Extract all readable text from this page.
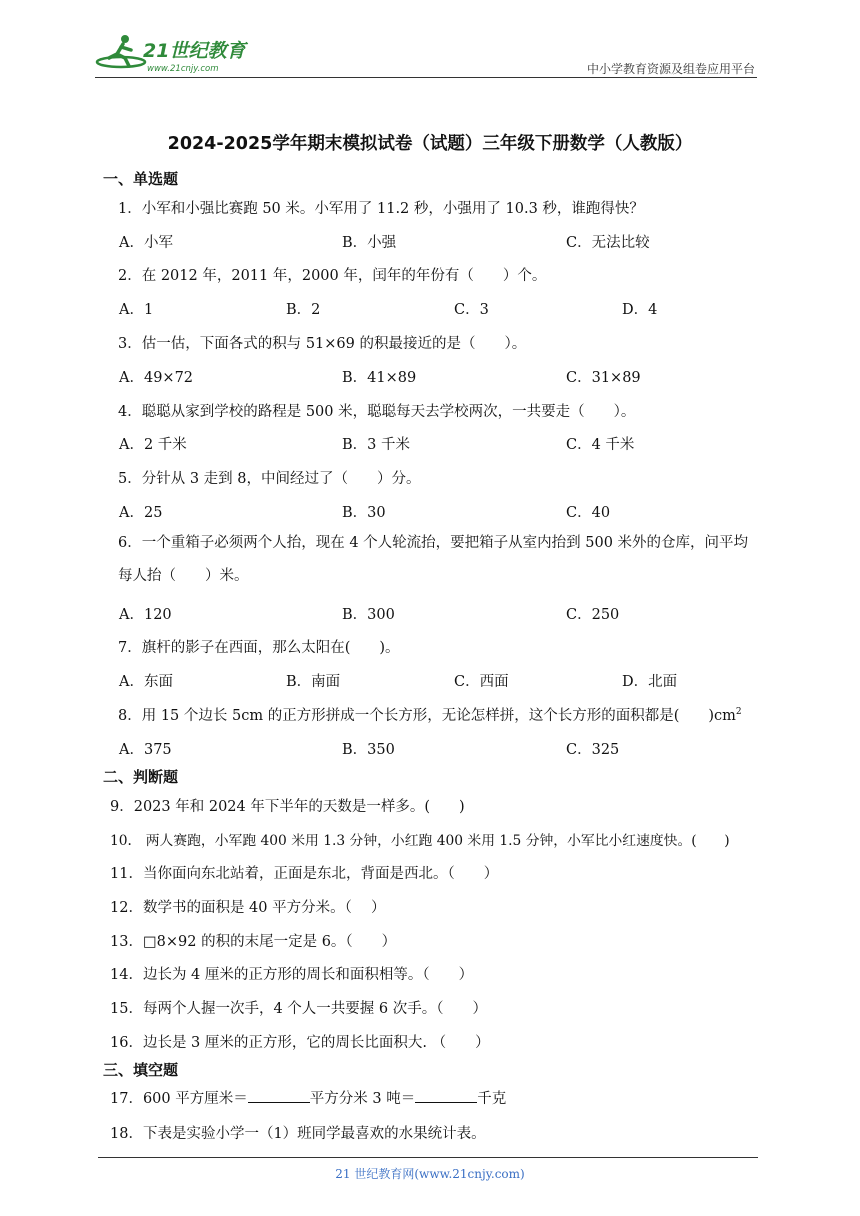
21世纪教育
www.21cnjy.com	中小学教育资源及组卷应用平台
2024-2025学年期末模拟试卷（试题）三年级下册数学（人教版）
一、单选题
1．小军和小强比赛跑 50 米。小军用了 11.2 秒，小强用了 10.3 秒，谁跑得快？
A．小军	B．小强	C．无法比较
2．在 2012 年，2011 年，2000 年，闰年的年份有（　　）个。
A．1	B．2	C．3	D．4
3．估一估，下面各式的积与 51×69 的积最接近的是（　　）。
A．49×72	B．41×89	C．31×89
4．聪聪从家到学校的路程是 500 米，聪聪每天去学校两次，一共要走（　　）。
A．2 千米	B．3 千米	C．4 千米
5．分针从 3 走到 8，中间经过了（　　）分。
A．25	B．30	C．40
6．一个重箱子必须两个人抬，现在 4 个人轮流抬，要把箱子从室内抬到 500 米外的仓库，问平均每人抬（　　）米。
A．120	B．300	C．250
7．旗杆的影子在西面，那么太阳在(　　)。
A．东面	B．南面	C．西面	D．北面
8．用 15 个边长 5cm 的正方形拼成一个长方形，无论怎样拼，这个长方形的面积都是(　　)$cm^2$
A．375	B．350	C．325
二、判断题
9．2023 年和 2024 年下半年的天数是一样多。(　　)
10． 两人赛跑，小军跑 400 米用 1.3 分钟，小红跑 400 米用 1.5 分钟，小军比小红速度快。(　　)
11．当你面向东北站着，正面是东北，背面是西北。（　　）
12．数学书的面积是 40 平方分米。（　 ）
13．□8×92 的积的末尾一定是 6。（　　）
14．边长为 4 厘米的正方形的周长和面积相等。（　　）
15．每两个人握一次手，4 个人一共要握 6 次手。（　　）
16．边长是 3 厘米的正方形，它的周长比面积大. （　　）
三、填空题
17．600 平方厘米＝	平方分米 3 吨＝	千克
18．下表是实验小学一（1）班同学最喜欢的水果统计表。
21 世纪教育网(www.21cnjy.com)
